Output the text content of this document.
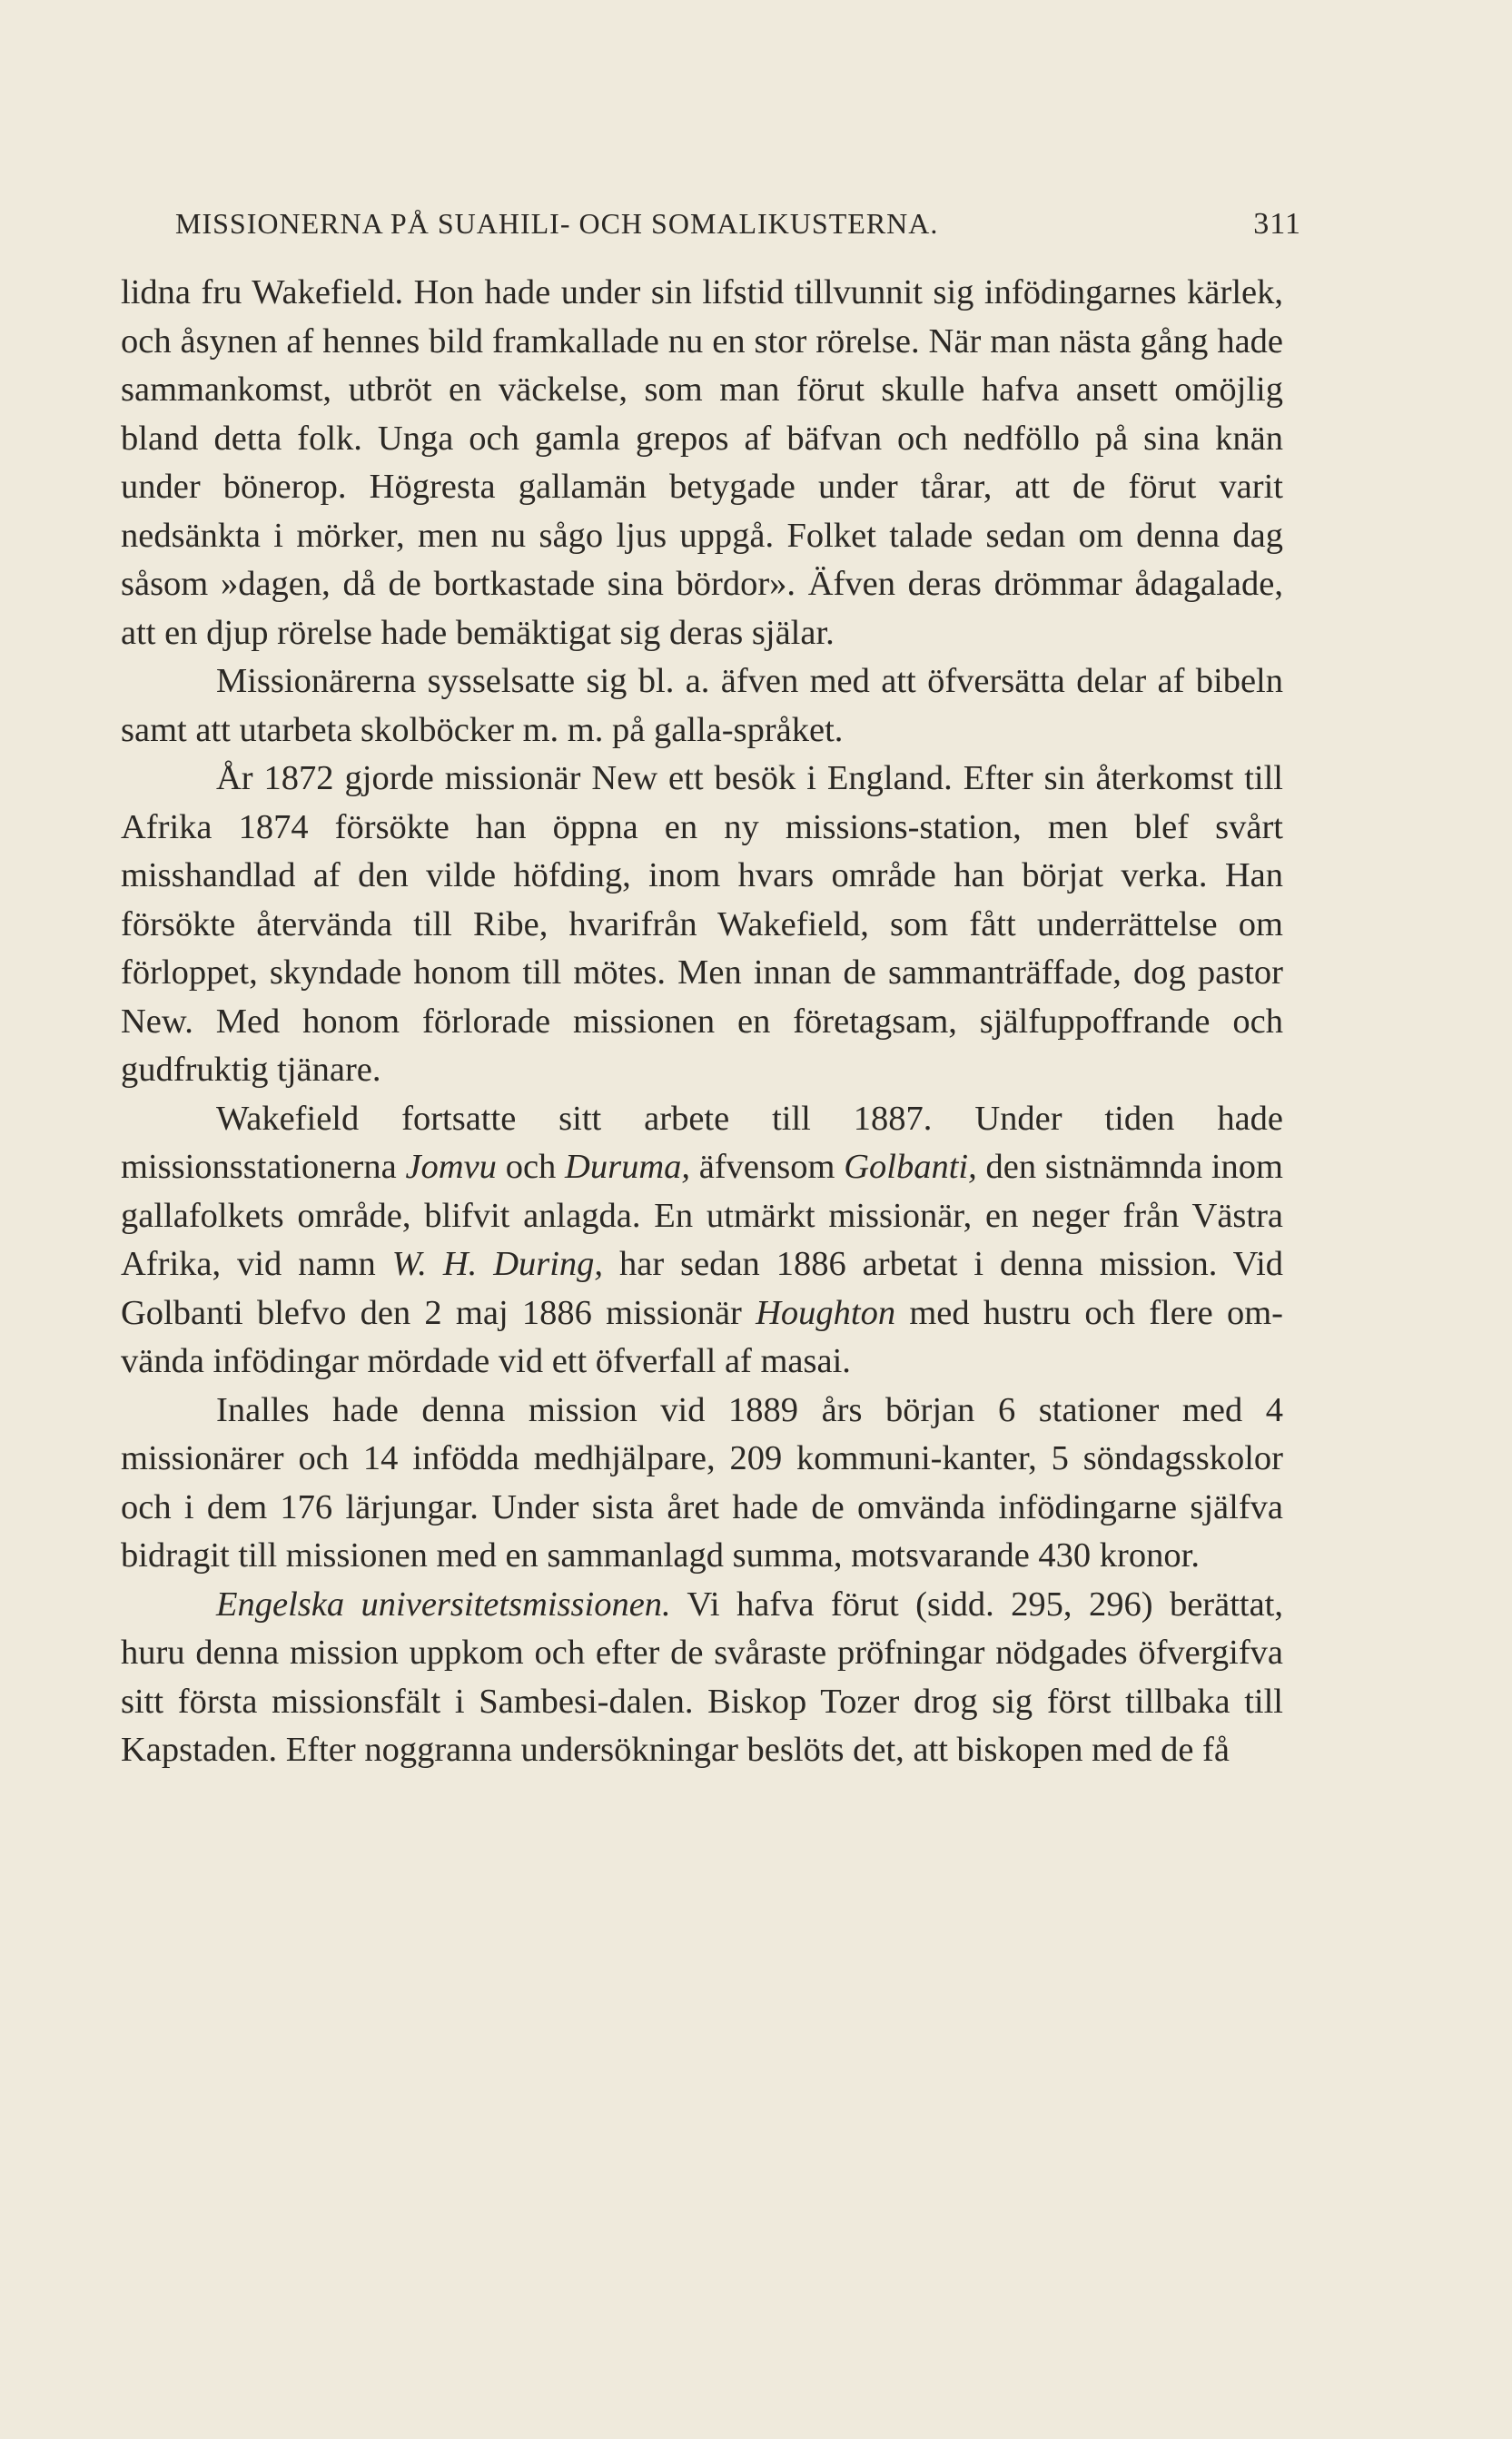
MISSIONERNA PÅ SUAHILI- OCH SOMALIKUSTERNA.	311

lidna fru Wakefield. Hon hade under sin lifstid tillvunnit sig infödingarnes kärlek, och åsynen af hennes bild framkallade nu en stor rörelse. När man nästa gång hade sammankomst, utbröt en väckelse, som man förut skulle hafva ansett omöjlig bland detta folk. Unga och gamla grepos af bäfvan och nedföllo på sina knän under bönerop. Högresta gallamän betygade under tårar, att de förut varit nedsänkta i mörker, men nu sågo ljus uppgå. Folket talade sedan om denna dag såsom »dagen, då de bortkastade sina bördor». Äfven deras drömmar ådagalade, att en djup rörelse hade bemäktigat sig deras själar.

Missionärerna sysselsatte sig bl. a. äfven med att öfversätta delar af bibeln samt att utarbeta skolböcker m. m. på galla-språket.

År 1872 gjorde missionär New ett besök i England. Efter sin återkomst till Afrika 1874 försökte han öppna en ny missions-station, men blef svårt misshandlad af den vilde höfding, inom hvars område han börjat verka. Han försökte återvända till Ribe, hvarifrån Wakefield, som fått underrättelse om förloppet, skyndade honom till mötes. Men innan de sammanträffade, dog pastor New. Med honom förlorade missionen en företagsam, själfuppoffrande och gudfruktig tjänare.

Wakefield fortsatte sitt arbete till 1887. Under tiden hade missionsstationerna Jomvu och Duruma, äfvensom Golbanti, den sistnämnda inom gallafolkets område, blifvit anlagda. En utmärkt missionär, en neger från Västra Afrika, vid namn W. H. During, har sedan 1886 arbetat i denna mission. Vid Golbanti blefvo den 2 maj 1886 missionär Houghton med hustru och flere om-vända infödingar mördade vid ett öfverfall af masai.

Inalles hade denna mission vid 1889 års början 6 stationer med 4 missionärer och 14 infödda medhjälpare, 209 kommuni-kanter, 5 söndagsskolor och i dem 176 lärjungar. Under sista året hade de omvända infödingarne själfva bidragit till missionen med en sammanlagd summa, motsvarande 430 kronor.

Engelska universitetsmissionen. Vi hafva förut (sidd. 295, 296) berättat, huru denna mission uppkom och efter de svåraste pröfningar nödgades öfvergifva sitt första missionsfält i Sambesi-dalen. Biskop Tozer drog sig först tillbaka till Kapstaden. Efter noggranna undersökningar beslöts det, att biskopen med de få
